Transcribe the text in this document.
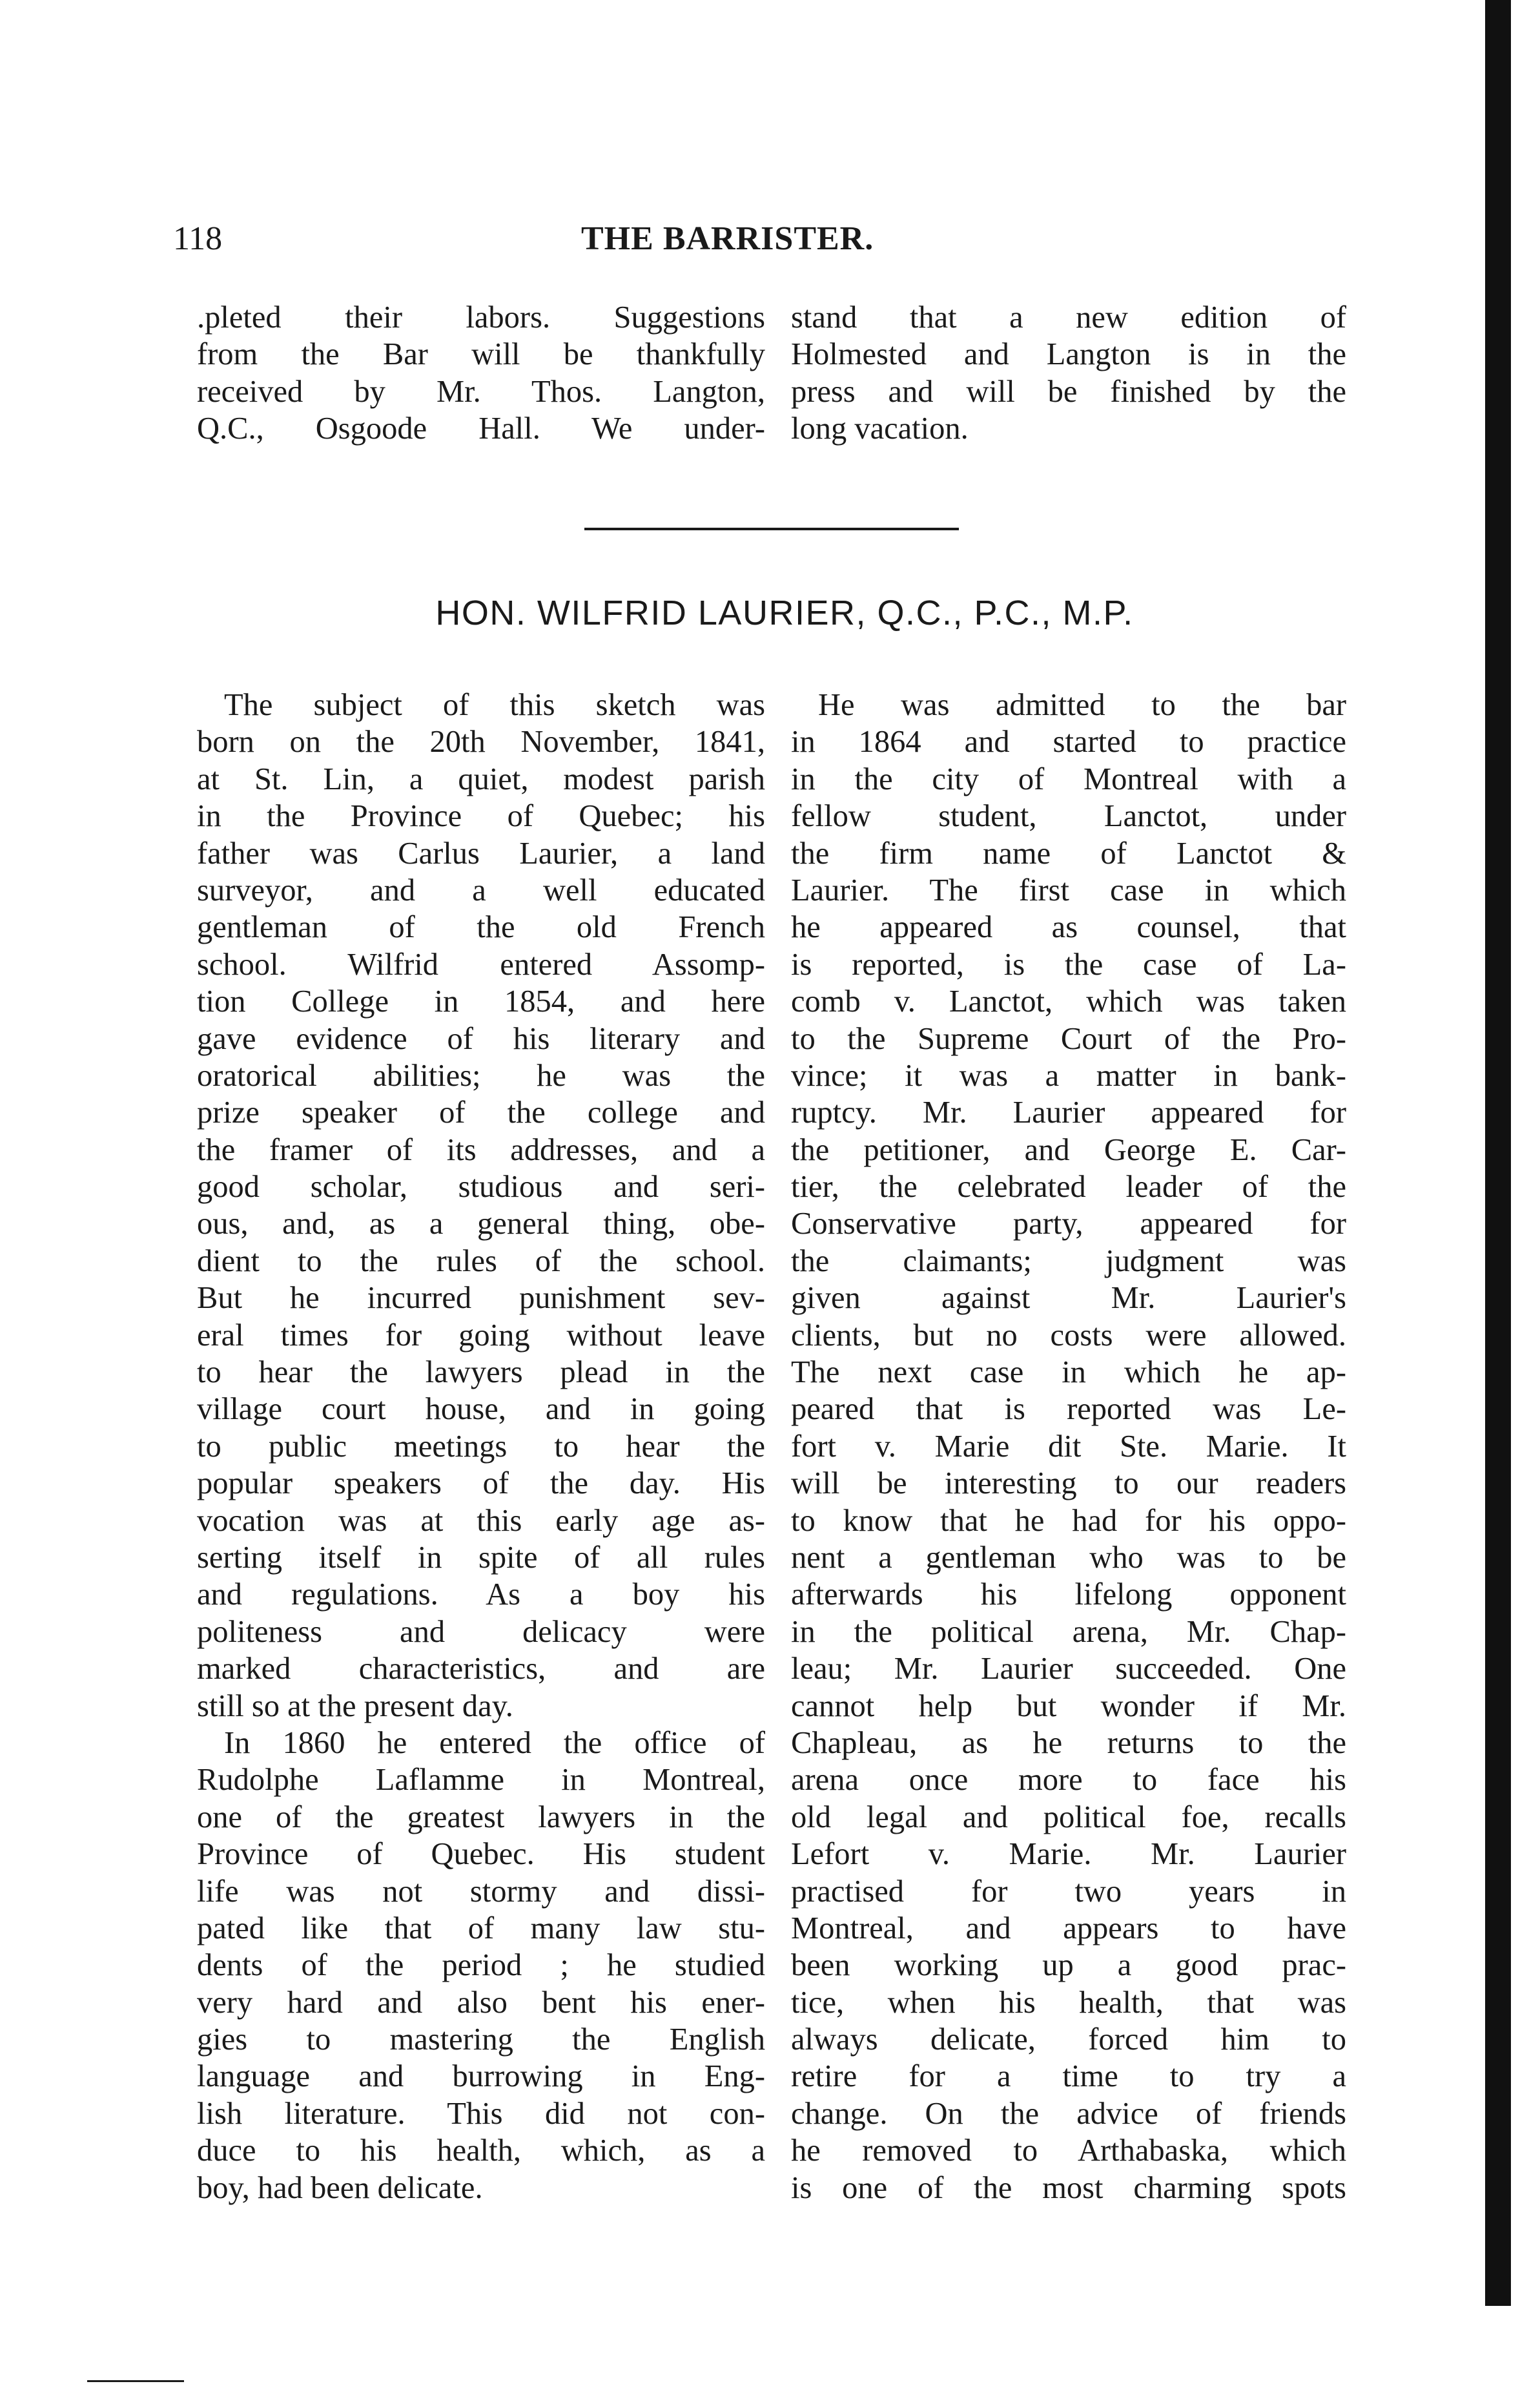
118	THE BARRISTER.
.pleted their labors. Suggestions
from the Bar will be thankfully
received by Mr. Thos. Langton,
Q.C., Osgoode Hall. We under-
stand that a new edition of
Holmested and Langton is in the
press and will be finished by the
long vacation.
HON. WILFRID LAURIER, Q.C., P.C., M.P.
The subject of this sketch was
born on the 20th November, 1841,
at St. Lin, a quiet, modest parish
in the Province of Quebec; his
father was Carlus Laurier, a land
surveyor, and a well educated
gentleman of the old French
school. Wilfrid entered Assomp-
tion College in 1854, and here
gave evidence of his literary and
oratorical abilities; he was the
prize speaker of the college and
the framer of its addresses, and a
good scholar, studious and seri-
ous, and, as a general thing, obe-
dient to the rules of the school.
But he incurred punishment sev-
eral times for going without leave
to hear the lawyers plead in the
village court house, and in going
to public meetings to hear the
popular speakers of the day. His
vocation was at this early age as-
serting itself in spite of all rules
and regulations. As a boy his
politeness and delicacy were
marked characteristics, and are
still so at the present day.
In 1860 he entered the office of
Rudolphe Laflamme in Montreal,
one of the greatest lawyers in the
Province of Quebec. His student
life was not stormy and dissi-
pated like that of many law stu-
dents of the period ; he studied
very hard and also bent his ener-
gies to mastering the English
language and burrowing in Eng-
lish literature. This did not con-
duce to his health, which, as a
boy, had been delicate.
He was admitted to the bar
in 1864 and started to practice
in the city of Montreal with a
fellow student, Lanctot, under
the firm name of Lanctot &
Laurier. The first case in which
he appeared as counsel, that
is reported, is the case of La-
comb v. Lanctot, which was taken
to the Supreme Court of the Pro-
vince; it was a matter in bank-
ruptcy. Mr. Laurier appeared for
the petitioner, and George E. Car-
tier, the celebrated leader of the
Conservative party, appeared for
the claimants; judgment was
given against Mr. Laurier's
clients, but no costs were allowed.
The next case in which he ap-
peared that is reported was Le-
fort v. Marie dit Ste. Marie. It
will be interesting to our readers
to know that he had for his oppo-
nent a gentleman who was to be
afterwards his lifelong opponent
in the political arena, Mr. Chap-
leau; Mr. Laurier succeeded. One
cannot help but wonder if Mr.
Chapleau, as he returns to the
arena once more to face his
old legal and political foe, recalls
Lefort v. Marie. Mr. Laurier
practised for two years in
Montreal, and appears to have
been working up a good prac-
tice, when his health, that was
always delicate, forced him to
retire for a time to try a
change. On the advice of friends
he removed to Arthabaska, which
is one of the most charming spots
